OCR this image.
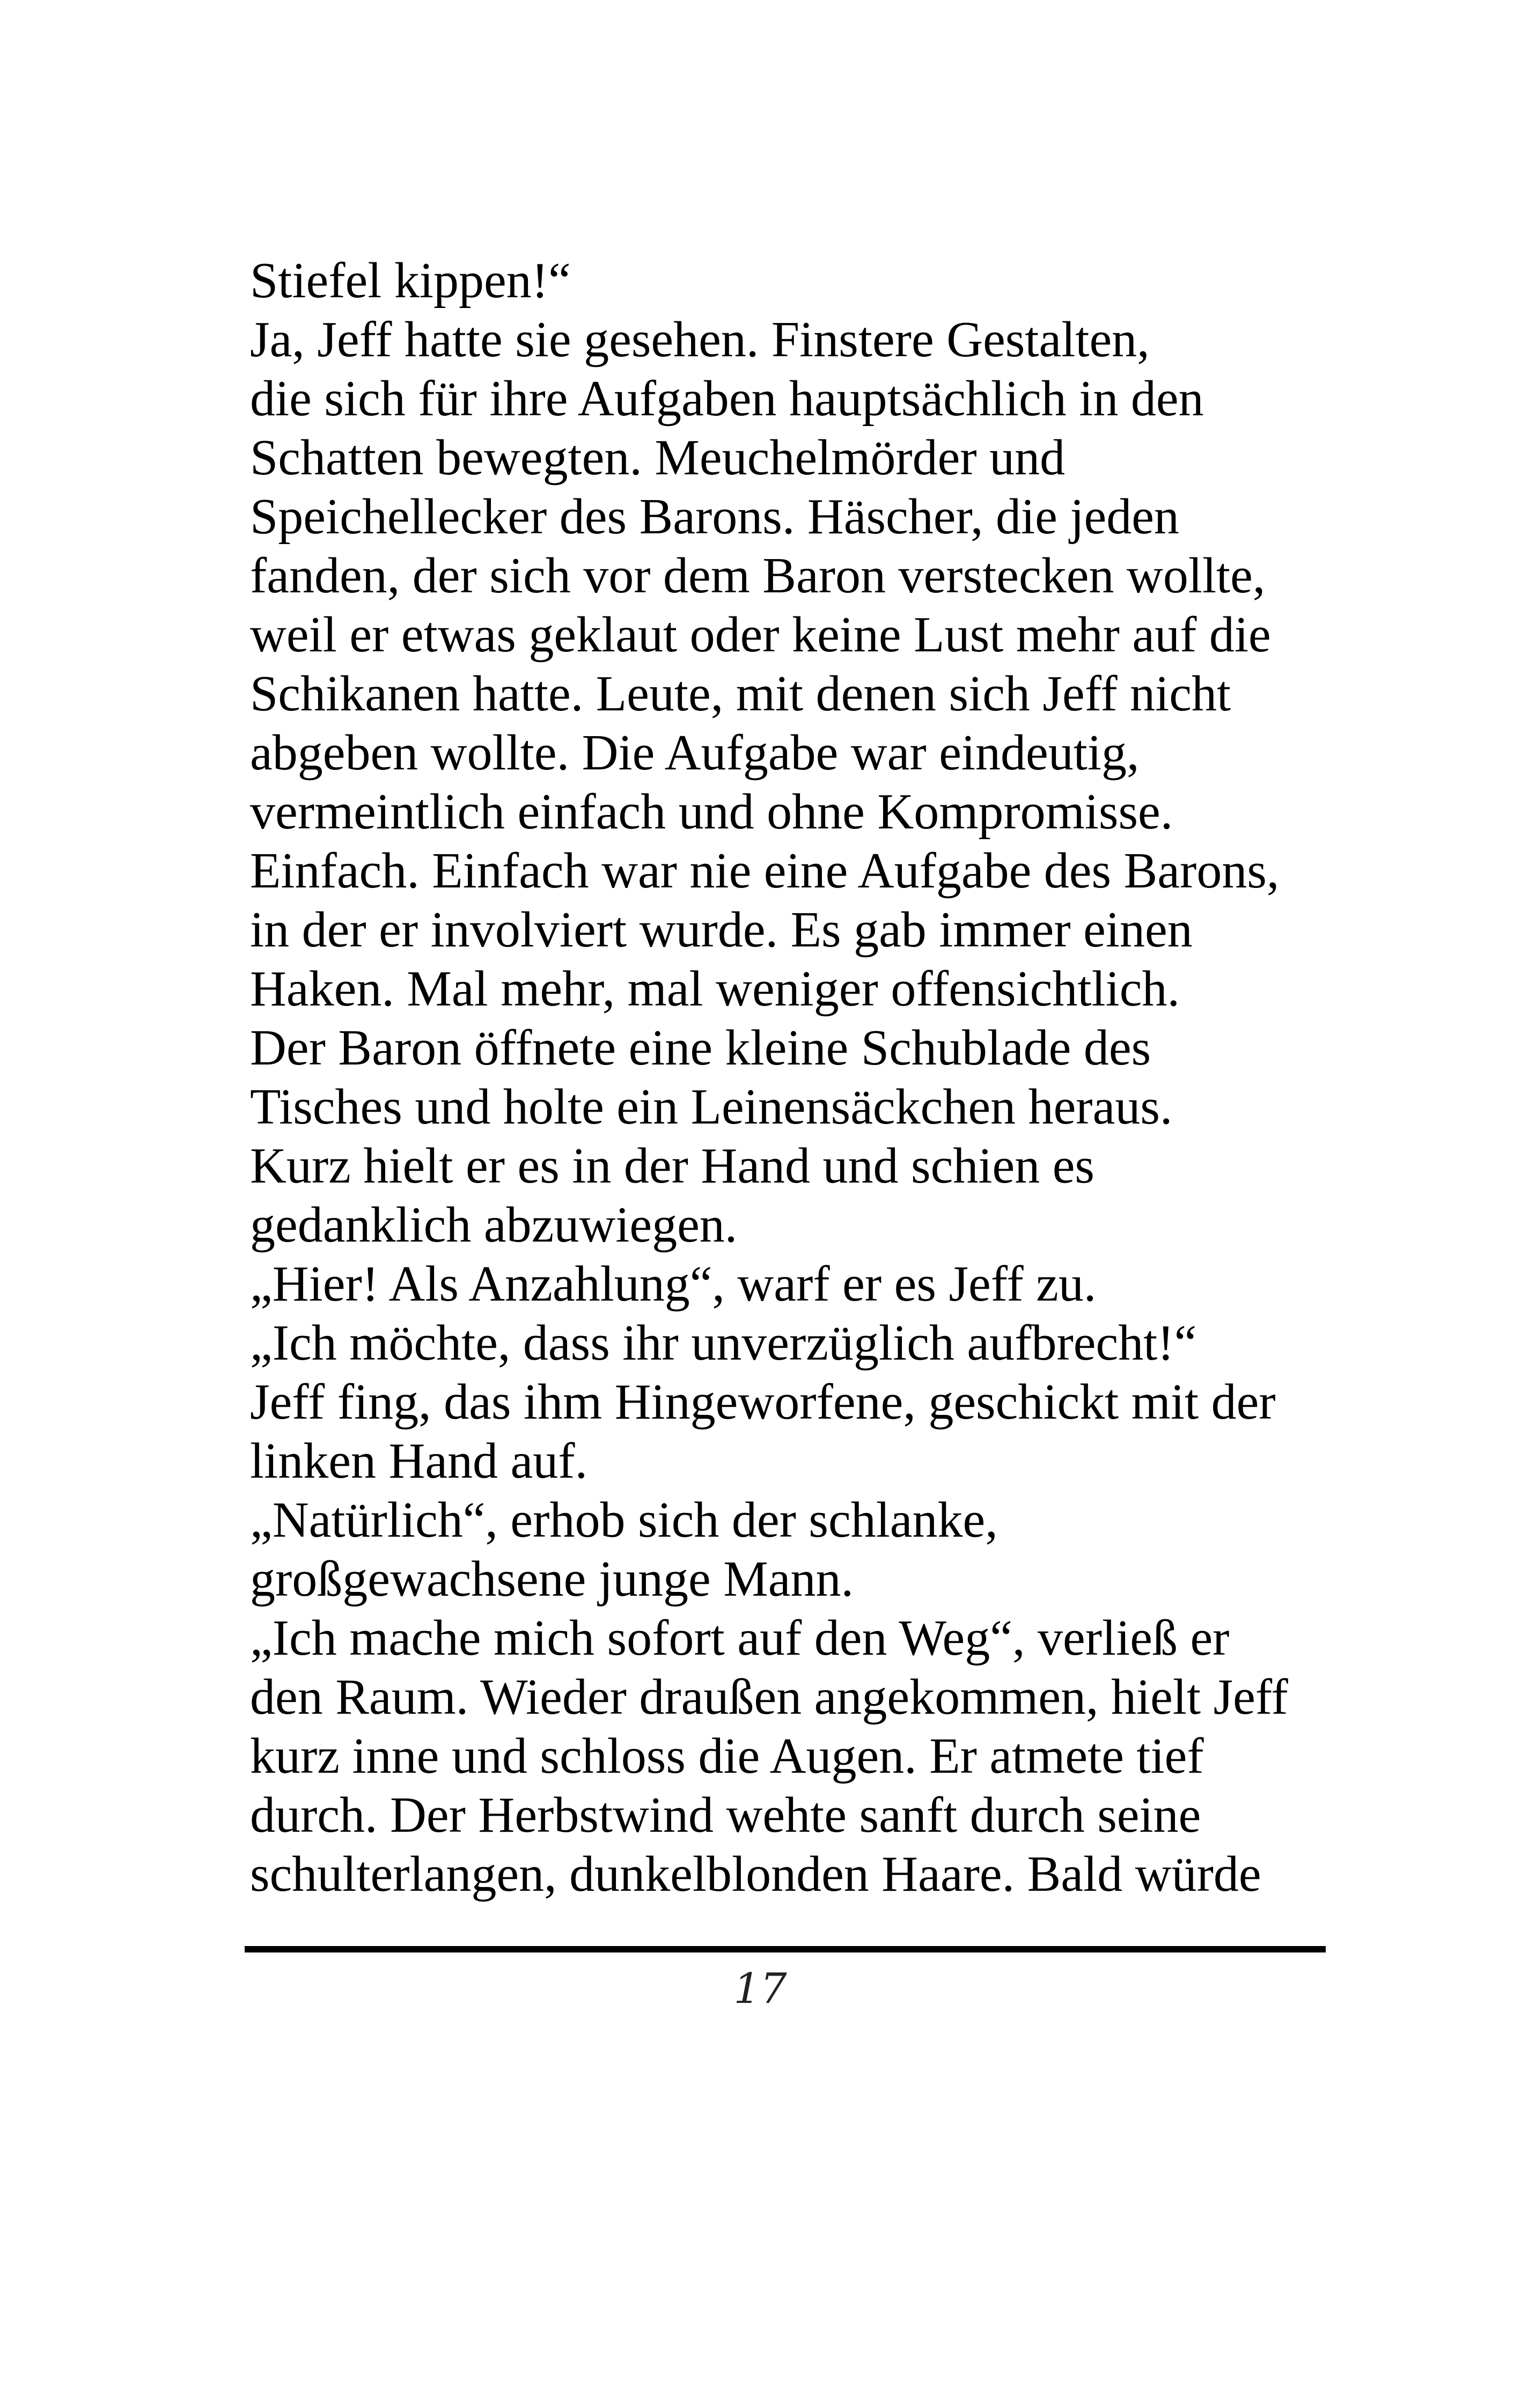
Stiefel kippen!“
Ja, Jeff hatte sie gesehen. Finstere Gestalten,
die sich für ihre Aufgaben hauptsächlich in den
Schatten bewegten. Meuchelmörder und
Speichellecker des Barons. Häscher, die jeden
fanden, der sich vor dem Baron verstecken wollte,
weil er etwas geklaut oder keine Lust mehr auf die
Schikanen hatte. Leute, mit denen sich Jeff nicht
abgeben wollte. Die Aufgabe war eindeutig,
vermeintlich einfach und ohne Kompromisse.
Einfach. Einfach war nie eine Aufgabe des Barons,
in der er involviert wurde. Es gab immer einen
Haken. Mal mehr, mal weniger offensichtlich.
Der Baron öffnete eine kleine Schublade des
Tisches und holte ein Leinensäckchen heraus.
Kurz hielt er es in der Hand und schien es
gedanklich abzuwiegen.
„Hier! Als Anzahlung“, warf er es Jeff zu.
„Ich möchte, dass ihr unverzüglich aufbrecht!“
Jeff fing, das ihm Hingeworfene, geschickt mit der
linken Hand auf.
„Natürlich“, erhob sich der schlanke,
großgewachsene junge Mann.
„Ich mache mich sofort auf den Weg“, verließ er
den Raum. Wieder draußen angekommen, hielt Jeff
kurz inne und schloss die Augen. Er atmete tief
durch. Der Herbstwind wehte sanft durch seine
schulterlangen, dunkelblonden Haare. Bald würde
17
